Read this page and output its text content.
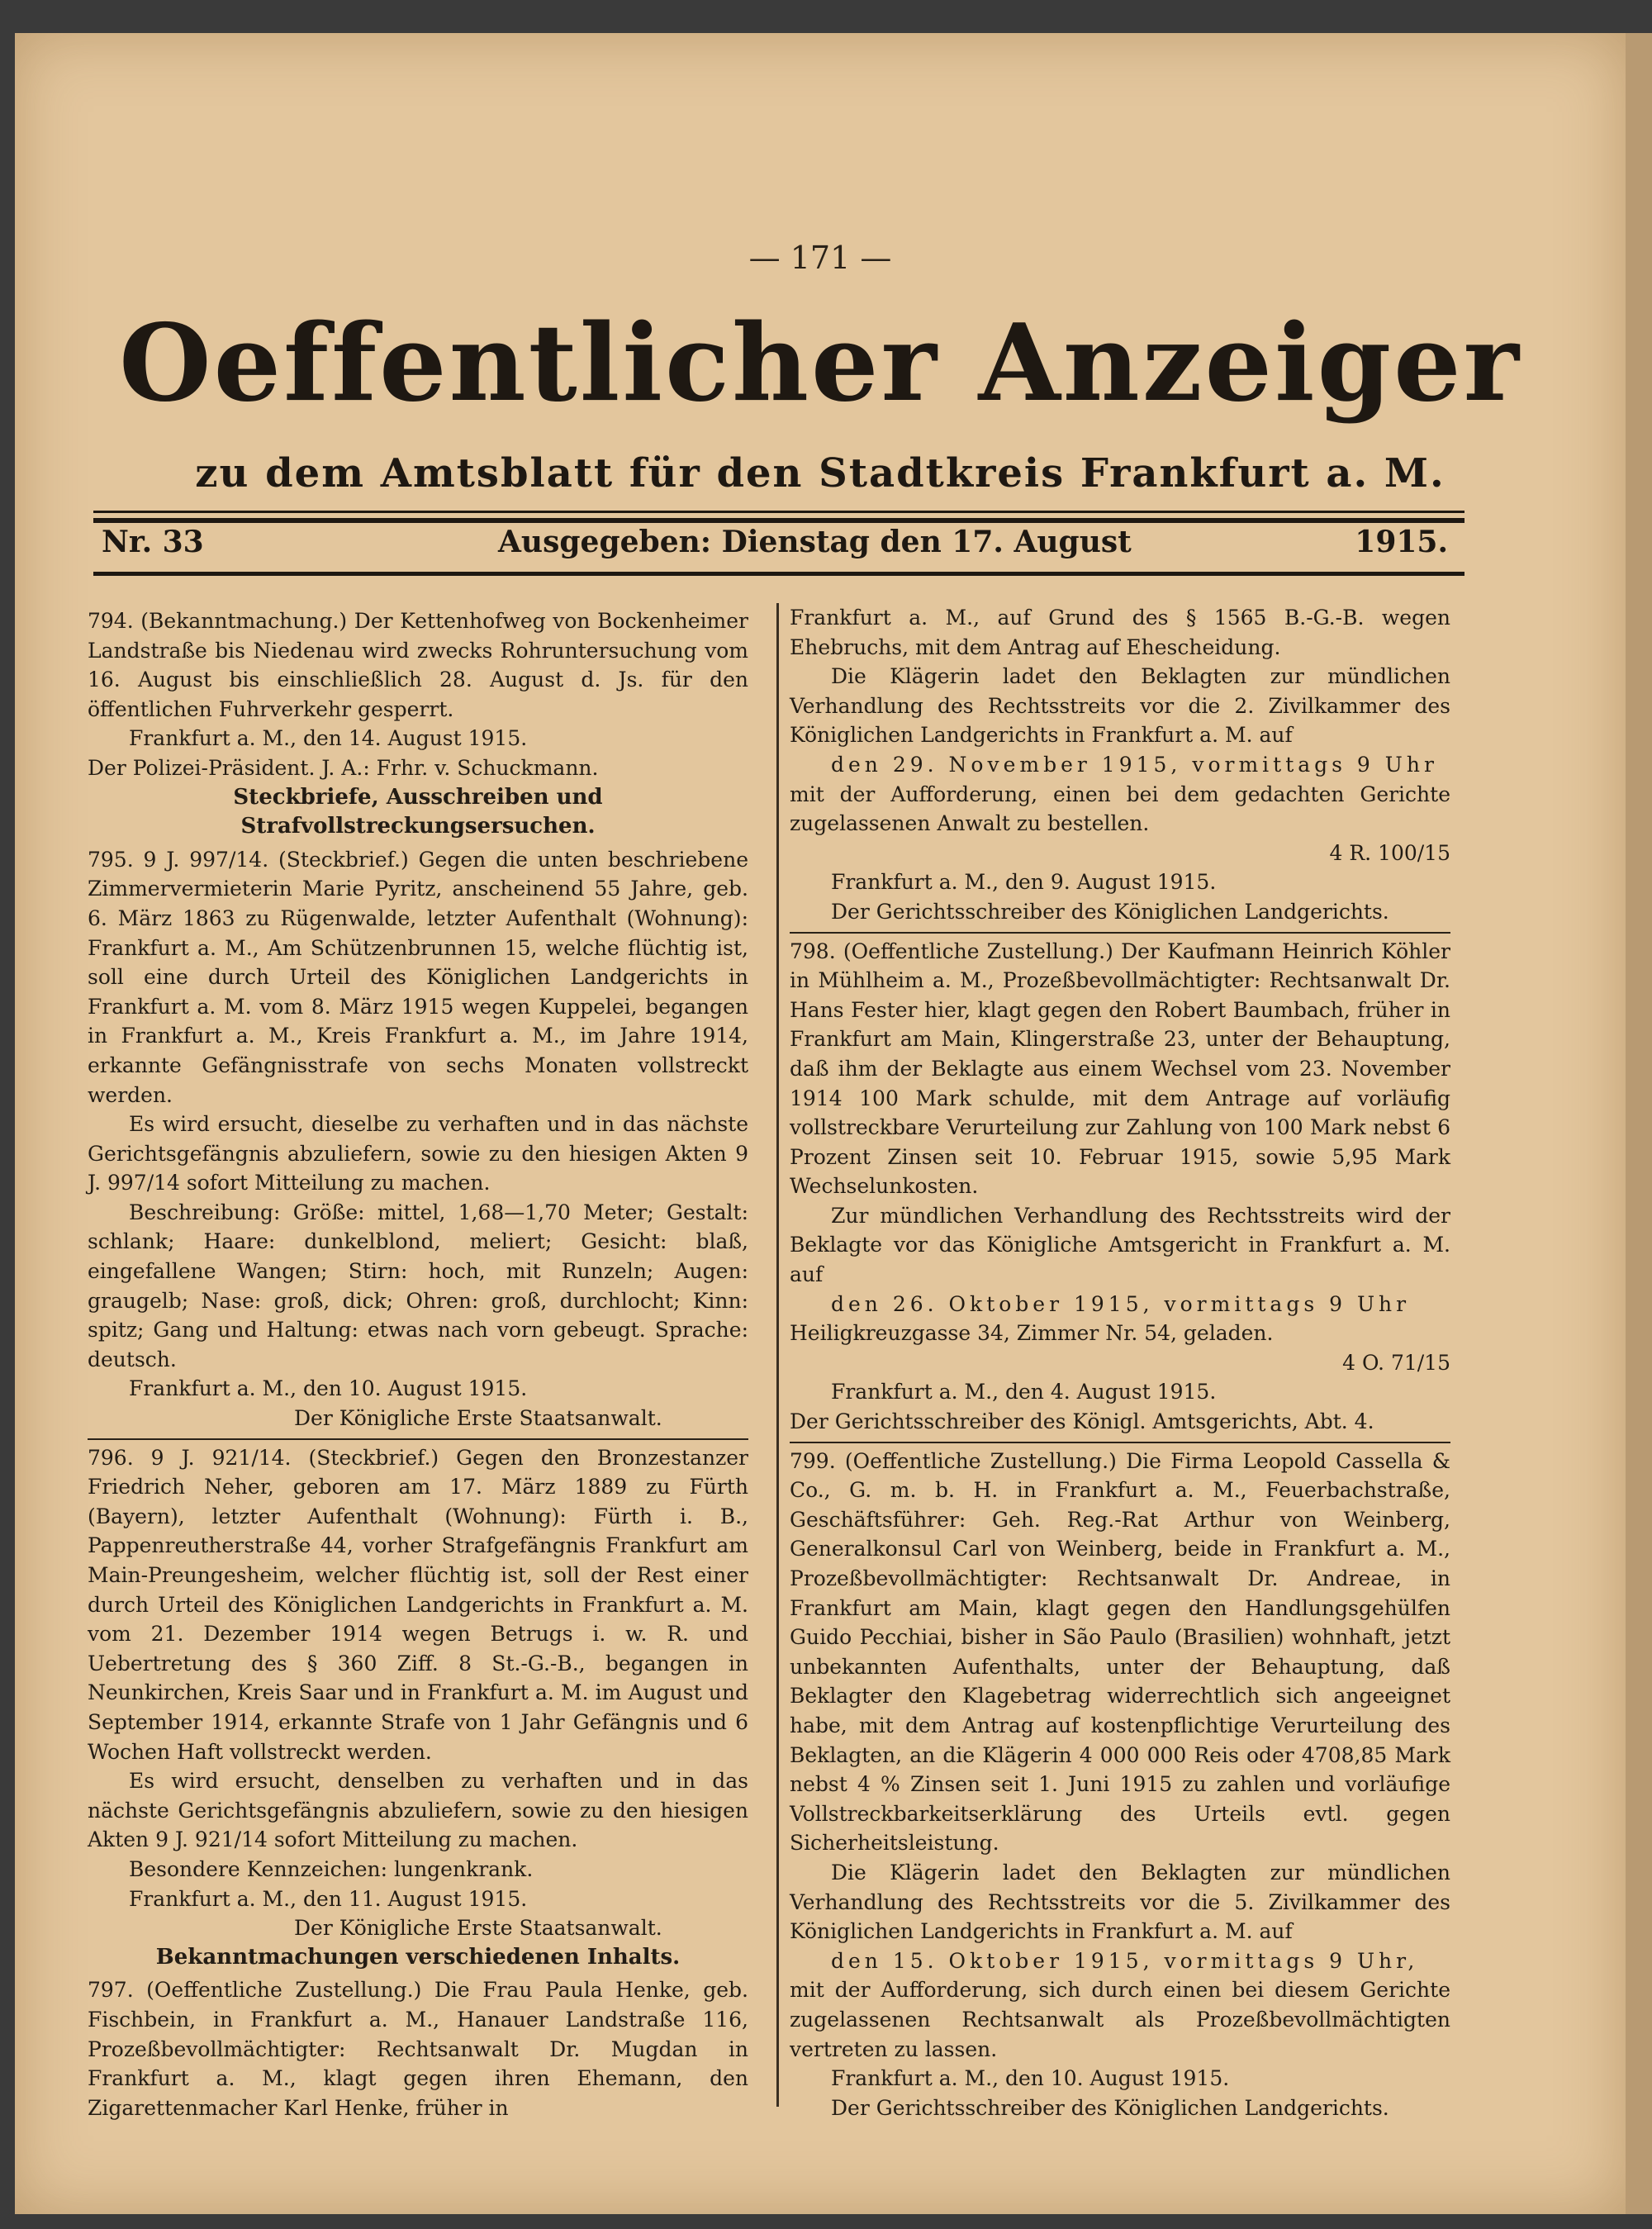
— 171 —
Oeffentlicher Anzeiger
zu dem Amtsblatt für den Stadtkreis Frankfurt a. M.
Nr. 33	Ausgegeben: Dienstag den 17. August	1915.

794. (Bekanntmachung.) Der Kettenhofweg von Bockenheimer Landstraße bis Niedenau wird zwecks Rohruntersuchung vom 16. August bis einschließlich 28. August d. Js. für den öffentlichen Fuhrverkehr gesperrt.

Frankfurt a. M., den 14. August 1915.

Der Polizei-Präsident. J. A.: Frhr. v. Schuckmann.

Steckbriefe, Ausschreiben und Strafvollstreckungsersuchen.

795. 9 J. 997/14. (Steckbrief.) Gegen die unten beschriebene Zimmervermieterin Marie Pyritz, anscheinend 55 Jahre, geb. 6. März 1863 zu Rügenwalde, letzter Aufenthalt (Wohnung): Frankfurt a. M., Am Schützenbrunnen 15, welche flüchtig ist, soll eine durch Urteil des Königlichen Landgerichts in Frankfurt a. M. vom 8. März 1915 wegen Kuppelei, begangen in Frankfurt a. M., Kreis Frankfurt a. M., im Jahre 1914, erkannte Gefängnisstrafe von sechs Monaten vollstreckt werden.

Es wird ersucht, dieselbe zu verhaften und in das nächste Gerichtsgefängnis abzuliefern, sowie zu den hiesigen Akten 9 J. 997/14 sofort Mitteilung zu machen.

Beschreibung: Größe: mittel, 1,68—1,70 Meter; Gestalt: schlank; Haare: dunkelblond, meliert; Gesicht: blaß, eingefallene Wangen; Stirn: hoch, mit Runzeln; Augen: graugelb; Nase: groß, dick; Ohren: groß, durchlocht; Kinn: spitz; Gang und Haltung: etwas nach vorn gebeugt. Sprache: deutsch.

Frankfurt a. M., den 10. August 1915.

Der Königliche Erste Staatsanwalt.

796. 9 J. 921/14. (Steckbrief.) Gegen den Bronzestanzer Friedrich Neher, geboren am 17. März 1889 zu Fürth (Bayern), letzter Aufenthalt (Wohnung): Fürth i. B., Pappenreutherstraße 44, vorher Strafgefängnis Frankfurt am Main-Preungesheim, welcher flüchtig ist, soll der Rest einer durch Urteil des Königlichen Landgerichts in Frankfurt a. M. vom 21. Dezember 1914 wegen Betrugs i. w. R. und Uebertretung des § 360 Ziff. 8 St.-G.-B., begangen in Neunkirchen, Kreis Saar und in Frankfurt a. M. im August und September 1914, erkannte Strafe von 1 Jahr Gefängnis und 6 Wochen Haft vollstreckt werden.

Es wird ersucht, denselben zu verhaften und in das nächste Gerichtsgefängnis abzuliefern, sowie zu den hiesigen Akten 9 J. 921/14 sofort Mitteilung zu machen.

Besondere Kennzeichen: lungenkrank.

Frankfurt a. M., den 11. August 1915.

Der Königliche Erste Staatsanwalt.

Bekanntmachungen verschiedenen Inhalts.

797. (Oeffentliche Zustellung.) Die Frau Paula Henke, geb. Fischbein, in Frankfurt a. M., Hanauer Landstraße 116, Prozeßbevollmächtigter: Rechtsanwalt Dr. Mugdan in Frankfurt a. M., klagt gegen ihren Ehemann, den Zigarettenmacher Karl Henke, früher in

Frankfurt a. M., auf Grund des § 1565 B.-G.-B. wegen Ehebruchs, mit dem Antrag auf Ehescheidung.

Die Klägerin ladet den Beklagten zur mündlichen Verhandlung des Rechtsstreits vor die 2. Zivilkammer des Königlichen Landgerichts in Frankfurt a. M. auf

den 29. November 1915, vormittags 9 Uhr

mit der Aufforderung, einen bei dem gedachten Gerichte zugelassenen Anwalt zu bestellen.

4 R. 100/15

Frankfurt a. M., den 9. August 1915.

Der Gerichtsschreiber des Königlichen Landgerichts.

798. (Oeffentliche Zustellung.) Der Kaufmann Heinrich Köhler in Mühlheim a. M., Prozeßbevollmächtigter: Rechtsanwalt Dr. Hans Fester hier, klagt gegen den Robert Baumbach, früher in Frankfurt am Main, Klingerstraße 23, unter der Behauptung, daß ihm der Beklagte aus einem Wechsel vom 23. November 1914 100 Mark schulde, mit dem Antrage auf vorläufig vollstreckbare Verurteilung zur Zahlung von 100 Mark nebst 6 Prozent Zinsen seit 10. Februar 1915, sowie 5,95 Mark Wechselunkosten.

Zur mündlichen Verhandlung des Rechtsstreits wird der Beklagte vor das Königliche Amtsgericht in Frankfurt a. M. auf

den 26. Oktober 1915, vormittags 9 Uhr

Heiligkreuzgasse 34, Zimmer Nr. 54, geladen.

4 O. 71/15

Frankfurt a. M., den 4. August 1915.

Der Gerichtsschreiber des Königl. Amtsgerichts, Abt. 4.

799. (Oeffentliche Zustellung.) Die Firma Leopold Cassella & Co., G. m. b. H. in Frankfurt a. M., Feuerbachstraße, Geschäftsführer: Geh. Reg.-Rat Arthur von Weinberg, Generalkonsul Carl von Weinberg, beide in Frankfurt a. M., Prozeßbevollmächtigter: Rechtsanwalt Dr. Andreae, in Frankfurt am Main, klagt gegen den Handlungsgehülfen Guido Pecchiai, bisher in São Paulo (Brasilien) wohnhaft, jetzt unbekannten Aufenthalts, unter der Behauptung, daß Beklagter den Klagebetrag widerrechtlich sich angeeignet habe, mit dem Antrag auf kostenpflichtige Verurteilung des Beklagten, an die Klägerin 4 000 000 Reis oder 4708,85 Mark nebst 4 % Zinsen seit 1. Juni 1915 zu zahlen und vorläufige Vollstreckbarkeitserklärung des Urteils evtl. gegen Sicherheitsleistung.

Die Klägerin ladet den Beklagten zur mündlichen Verhandlung des Rechtsstreits vor die 5. Zivilkammer des Königlichen Landgerichts in Frankfurt a. M. auf

den 15. Oktober 1915, vormittags 9 Uhr,

mit der Aufforderung, sich durch einen bei diesem Gerichte zugelassenen Rechtsanwalt als Prozeßbevollmächtigten vertreten zu lassen.

Frankfurt a. M., den 10. August 1915.

Der Gerichtsschreiber des Königlichen Landgerichts.
